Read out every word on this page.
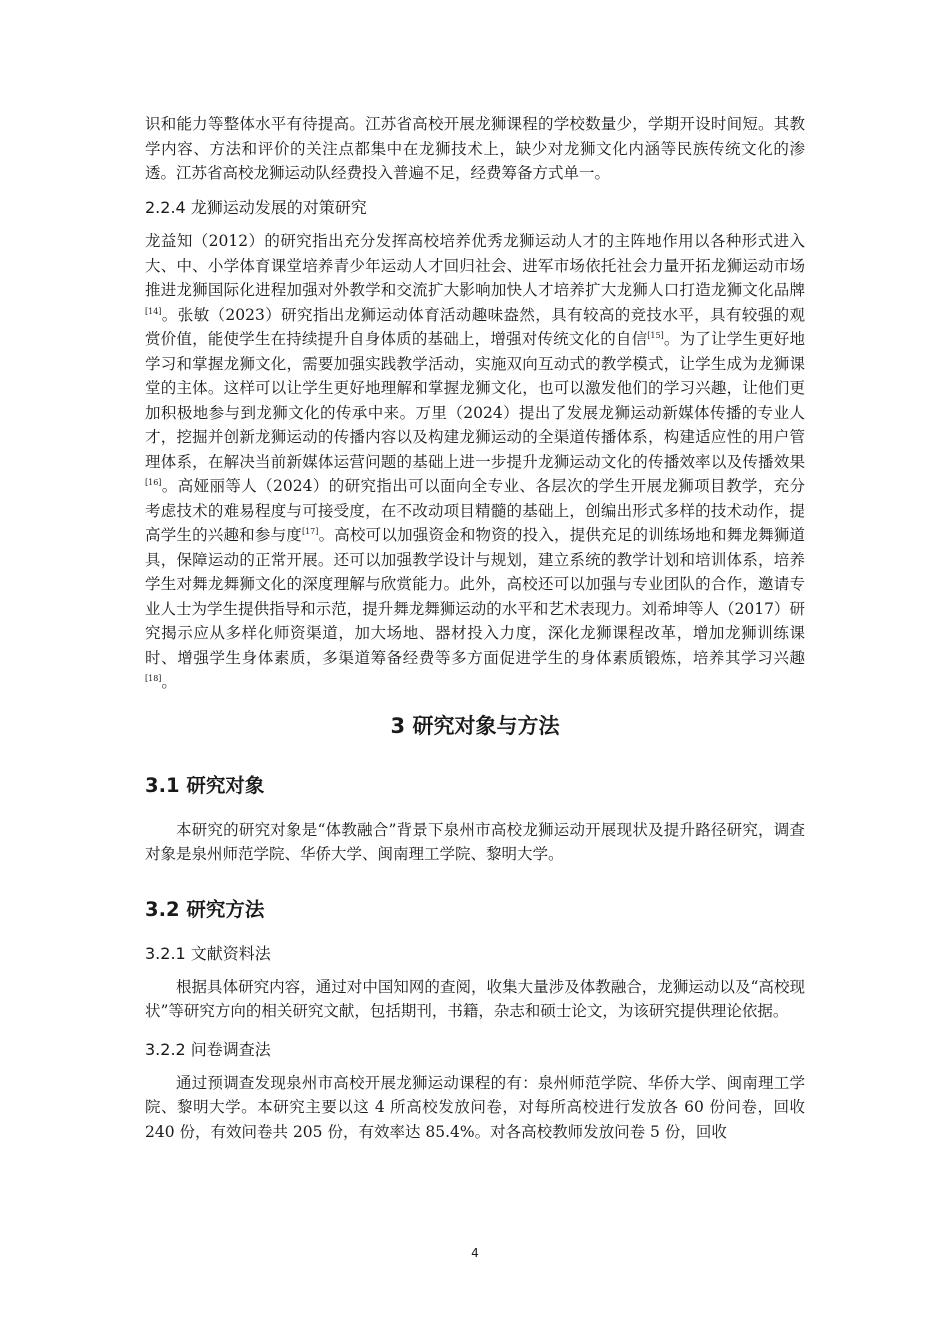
识和能力等整体水平有待提高。江苏省高校开展龙狮课程的学校数量少，学期开设时间短。其教学内容、方法和评价的关注点都集中在龙狮技术上，缺少对龙狮文化内涵等民族传统文化的渗透。江苏省高校龙狮运动队经费投入普遍不足，经费筹备方式单一。

2.2.4 龙狮运动发展的对策研究

龙益知（2012）的研究指出充分发挥高校培养优秀龙狮运动人才的主阵地作用以各种形式进入大、中、小学体育课堂培养青少年运动人才回归社会、进军市场依托社会力量开拓龙狮运动市场推进龙狮国际化进程加强对外教学和交流扩大影响加快人才培养扩大龙狮人口打造龙狮文化品牌[14]。张敏（2023）研究指出龙狮运动体育活动趣味盎然，具有较高的竞技水平，具有较强的观赏价值，能使学生在持续提升自身体质的基础上，增强对传统文化的自信[15]。为了让学生更好地学习和掌握龙狮文化，需要加强实践教学活动，实施双向互动式的教学模式，让学生成为龙狮课堂的主体。这样可以让学生更好地理解和掌握龙狮文化，也可以激发他们的学习兴趣，让他们更加积极地参与到龙狮文化的传承中来。万里（2024）提出了发展龙狮运动新媒体传播的专业人才，挖掘并创新龙狮运动的传播内容以及构建龙狮运动的全渠道传播体系，构建适应性的用户管理体系，在解决当前新媒体运营问题的基础上进一步提升龙狮运动文化的传播效率以及传播效果[16]。高娅丽等人（2024）的研究指出可以面向全专业、各层次的学生开展龙狮项目教学，充分考虑技术的难易程度与可接受度，在不改动项目精髓的基础上，创编出形式多样的技术动作，提高学生的兴趣和参与度[17]。高校可以加强资金和物资的投入，提供充足的训练场地和舞龙舞狮道具，保障运动的正常开展。还可以加强教学设计与规划，建立系统的教学计划和培训体系，培养学生对舞龙舞狮文化的深度理解与欣赏能力。此外，高校还可以加强与专业团队的合作，邀请专业人士为学生提供指导和示范，提升舞龙舞狮运动的水平和艺术表现力。刘希坤等人（2017）研究揭示应从多样化师资渠道，加大场地、器材投入力度，深化龙狮课程改革，增加龙狮训练课时、增强学生身体素质，多渠道筹备经费等多方面促进学生的身体素质锻炼，培养其学习兴趣[18]。

3 研究对象与方法
3.1 研究对象

本研究的研究对象是“体教融合”背景下泉州市高校龙狮运动开展现状及提升路径研究，调查对象是泉州师范学院、华侨大学、闽南理工学院、黎明大学。

3.2 研究方法
3.2.1 文献资料法

根据具体研究内容，通过对中国知网的查阅，收集大量涉及体教融合，龙狮运动以及“高校现状”等研究方向的相关研究文献，包括期刊，书籍，杂志和硕士论文，为该研究提供理论依据。

3.2.2 问卷调查法

通过预调查发现泉州市高校开展龙狮运动课程的有：泉州师范学院、华侨大学、闽南理工学院、黎明大学。本研究主要以这 4 所高校发放问卷，对每所高校进行发放各 60 份问卷，回收 240 份，有效问卷共 205 份，有效率达 85.4%。对各高校教师发放问卷 5 份，回收

4
